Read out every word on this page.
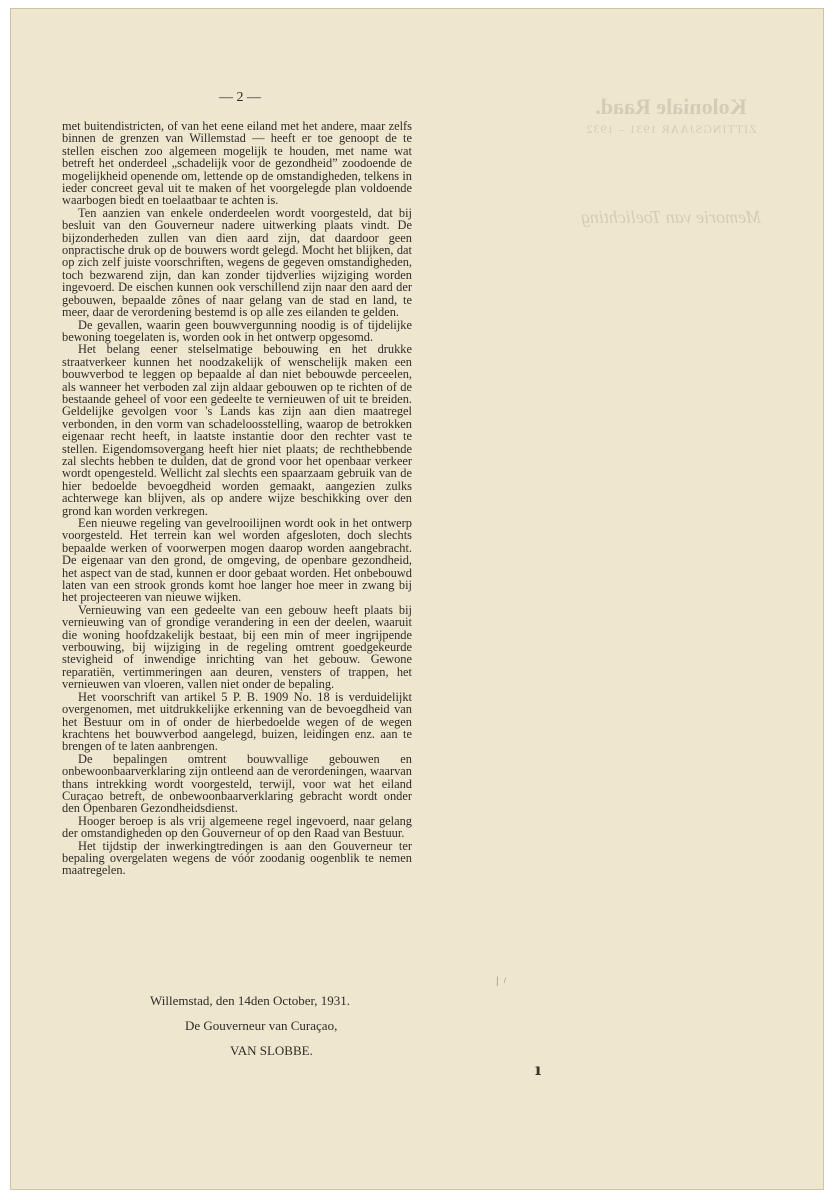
Koloniale Raad.
ZITTINGSJAAR 1931 – 1932
Memorie van Toelichting
— 2 —

met buitendistricten, of van het eene eiland met het andere, maar zelfs binnen de grenzen van Willemstad — heeft er toe genoopt de te stellen eischen zoo algemeen mogelijk te houden, met name wat betreft het onderdeel „schadelijk voor de gezondheid” zoodoende de mogelijkheid openende om, lettende op de omstandigheden, telkens in ieder concreet geval uit te maken of het voorgelegde plan voldoende waarbogen biedt en toelaatbaar te achten is.

Ten aanzien van enkele onderdeelen wordt voorgesteld, dat bij besluit van den Gouverneur nadere uitwerking plaats vindt. De bijzonderheden zullen van dien aard zijn, dat daardoor geen onpractische druk op de bouwers wordt gelegd. Mocht het blijken, dat op zich zelf juiste voorschriften, wegens de gegeven omstandigheden, toch bezwarend zijn, dan kan zonder tijdverlies wijziging worden ingevoerd. De eischen kunnen ook verschillend zijn naar den aard der gebouwen, bepaalde zônes of naar gelang van de stad en land, te meer, daar de verordening bestemd is op alle zes eilanden te gelden.

De gevallen, waarin geen bouwvergunning noodig is of tijdelijke bewoning toegelaten is, worden ook in het ontwerp opgesomd.

Het belang eener stelselmatige bebouwing en het drukke straatverkeer kunnen het noodzakelijk of wenschelijk maken een bouwverbod te leggen op bepaalde al dan niet bebouwde perceelen, als wanneer het verboden zal zijn aldaar gebouwen op te richten of de bestaande geheel of voor een gedeelte te vernieuwen of uit te breiden. Geldelijke gevolgen voor 's Lands kas zijn aan dien maatregel verbonden, in den vorm van schadeloosstelling, waarop de betrokken eigenaar recht heeft, in laatste instantie door den rechter vast te stellen. Eigendomsovergang heeft hier niet plaats; de rechthebbende zal slechts hebben te dulden, dat de grond voor het openbaar verkeer wordt opengesteld. Wellicht zal slechts een spaarzaam gebruik van de hier bedoelde bevoegdheid worden gemaakt, aangezien zulks achterwege kan blijven, als op andere wijze beschikking over den grond kan worden verkregen.

Een nieuwe regeling van gevelrooilijnen wordt ook in het ontwerp voorgesteld. Het terrein kan wel worden afgesloten, doch slechts bepaalde werken of voorwerpen mogen daarop worden aangebracht. De eigenaar van den grond, de omgeving, de openbare gezondheid, het aspect van de stad, kunnen er door gebaat worden. Het onbebouwd laten van een strook gronds komt hoe langer hoe meer in zwang bij het projecteeren van nieuwe wijken.

Vernieuwing van een gedeelte van een gebouw heeft plaats bij vernieuwing van of grondige verandering in een der deelen, waaruit die woning hoofdzakelijk bestaat, bij een min of meer ingrijpende verbouwing, bij wijziging in de regeling omtrent goedgekeurde stevigheid of inwendige inrichting van het gebouw. Gewone reparatiën, vertimmeringen aan deuren, vensters of trappen, het vernieuwen van vloeren, vallen niet onder de bepaling.

Het voorschrift van artikel 5 P. B. 1909 No. 18 is verduidelijkt overgenomen, met uitdrukkelijke erkenning van de bevoegdheid van het Bestuur om in of onder de hierbedoelde wegen of de wegen krachtens het bouwverbod aangelegd, buizen, leidingen enz. aan te brengen of te laten aanbrengen.

De bepalingen omtrent bouwvallige gebouwen en onbewoonbaarverklaring zijn ontleend aan de verordeningen, waarvan thans intrekking wordt voorgesteld, terwijl, voor wat het eiland Curaçao betreft, de onbewoonbaarverklaring gebracht wordt onder den Openbaren Gezondheidsdienst.

Hooger beroep is als vrij algemeene regel ingevoerd, naar gelang der omstandigheden op den Gouverneur of op den Raad van Bestuur.

Het tijdstip der inwerkingtredingen is aan den Gouverneur ter bepaling overgelaten wegens de vóór zoodanig oogenblik te nemen maatregelen.

Willemstad, den 14den October, 1931.
De Gouverneur van Curaçao,
VAN SLOBBE.
⁄ ⸝
ı
